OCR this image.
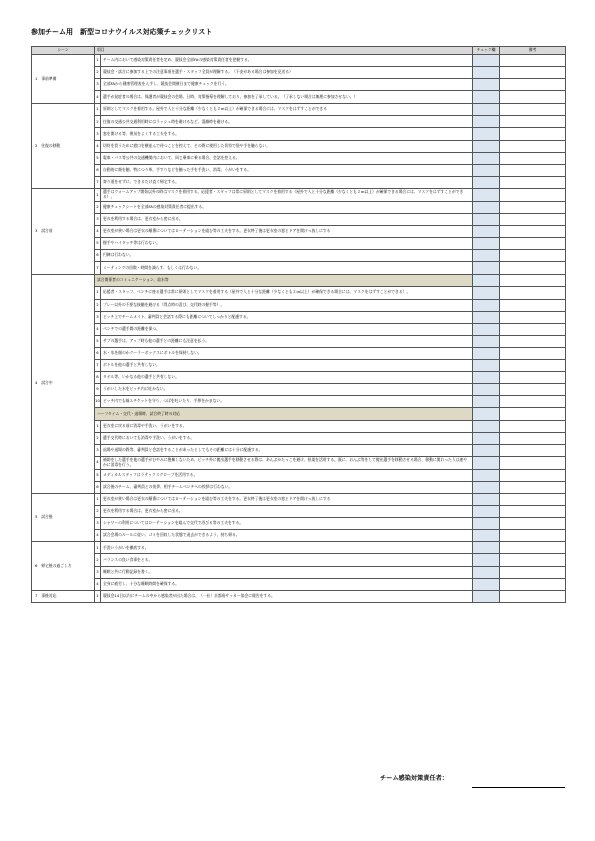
参加チーム用　新型コロナウイルス対応策チェックリスト
シーン	項目		チェック欄	備考
1　事前準備	1	チーム内において感染対策責任者を定め、競技会全部FAの感染対策責任者を把握する。		
	2	競技会・試合に参加する上での注意事項を選手・スタッフ全員が理解する。（不安がある場合は参加を見送る）		
	3	全部FAから健康管理表を入手し、競技会開催日まで健康チェックを行う。		
	4	選手が発症者の場合は、保護者が競技会の会場、日時、対策指導を理解しており、参加を了承している。（了承しない場合は無理に参加させない。）		
2　往復の移動	1	原則としてマスクを着用する。屋外で人と十分な距離（少なくとも２ｍ以上）が確保できる場合には、マスクをはずすことができる		
	2	往復の交通公共交通利用時にはラッシュ時を避けるなど、混雑時を避ける。		
	3	窓を開ける等、換気をよくする工夫をする。		
	4	切符を買うために窓口を横並んで待つことを控えて、その際に使用した切符で袋や手を触らない。		
	5	電車・バス等公共の交通機関内において、同じ乗車に乗る場合、会話を控える。		
	6	自動的に顔を触、特につり革、手すりなどを触った手を手洗い、消毒、うがいをする。		
	7	寄り道をせずに、できるだけ直ぐ帰宅する。		
3　試合前	1	選手はウォームアップ開始以外の時はマスクを着用する。応援者・スタッフは常に原則としてマスクを着用する（屋外で人と十分な距離（少なくとも２ｍ以上）が確保できる場合には、マスクをはずすことができる）。		
	2	健康チェックシートを全部FAの感染対策責任者に提出する。		
	3	更衣を利用する場合は、更衣室から密に出る。		
	4	更衣室が狭い場合は更衣の順番についてはローテーションを組む等の工夫をする。更衣終了後は更衣室の窓とドアを開けっ放しにする		
	5	握手やハイタッチ等は行わない。		
	6	円陣は行わない。		
	7	ミーティングの回数・時間を減らす、もしくは行わない。		
4　試合中	試合関係者のコミュニケーション、給水等			
	1	応援者・スタッフ、ベンチに座る選手は常に原則としてマスクを着用する（屋外で人と十分な距離（少なくとも２ｍ以上）が確保できる場合には、マスクをはずすことができる）。		
	2	プレー以外の不要な接触を避ける（得点時の喜び、交代時の握手等）。		
	3	ピッチ上でチームメイト、審判員と会話する際にも距離についてしっかりと配慮する。		
	4	ベンチでの選手間の距離を保つ。		
	5	サブの選手は、アップ時も他の選手との距離にも注意を払う。		
	6	水・氷を個のかクーラーボックスにボトルを保持しない。		
	7	ボトルを他の選手と共有しない。		
	8	タオル等、いかなる他の選手と共有しない。		
	9	うがいした水をピッチ内に吐かない。		
	10	ピッチ内でも咳エチケットを守り、つばを吐いたり、手鼻をかまない。		
	ハーフタイム・交代・退場時、試合終了時の対応			
	1	更衣室に戻る前に消毒や手洗い、うがいをする。		
	2	選手交代時においても消毒や手洗い、うがいをする。		
	3	退場や退場の際等、審判員と会話をすることがあったとしてもその距離には十分に配慮する。		
	4	補助をした選手を他の選手がむやみに抱擁しないため、ピッチ外に搬出選手を移動させる際は、あんぷかたっこを避け、担架を活用する。既に、おんぶ等をして搬出選手を移動させる場合、移動に関わった人は速やかに消毒を行う。		
	5	メディカルスタッフはラテックスグローブを活用する。		
	6	試合後のチーム、審判員との挨拶、相手チームベンチへの挨拶は行わない。		
5　試合後	1	更衣室が狭い場合は更衣の順番についてはローテーションを組む等の工夫をする。更衣終了後は更衣室の窓とドアを開けっ放しにする		
	2	更衣を利用する場合は、更衣室から密に出る。		
	3	シャワーの利用についてはローテーションを組んで交代で浴びる等の工夫をする。		
	4	試合会場のルールに従い、ゴミを回収した状態で退去ができるよう、持ち帰る。		
6　帰宅後の過ごし方	1	手洗いうがいを徹底する。		
	2	バランスの良い食事をとる。		
	3	睡眠と共に行動記録を書く。		
	4	全身に疲労し、十分な睡眠時間を確保する。		
7　事後対応	1	競技会14日以内にチームの中から感染者が出た場合は、（一社）京都府サッカー協会に報告をする。		
チーム感染対策責任者：
